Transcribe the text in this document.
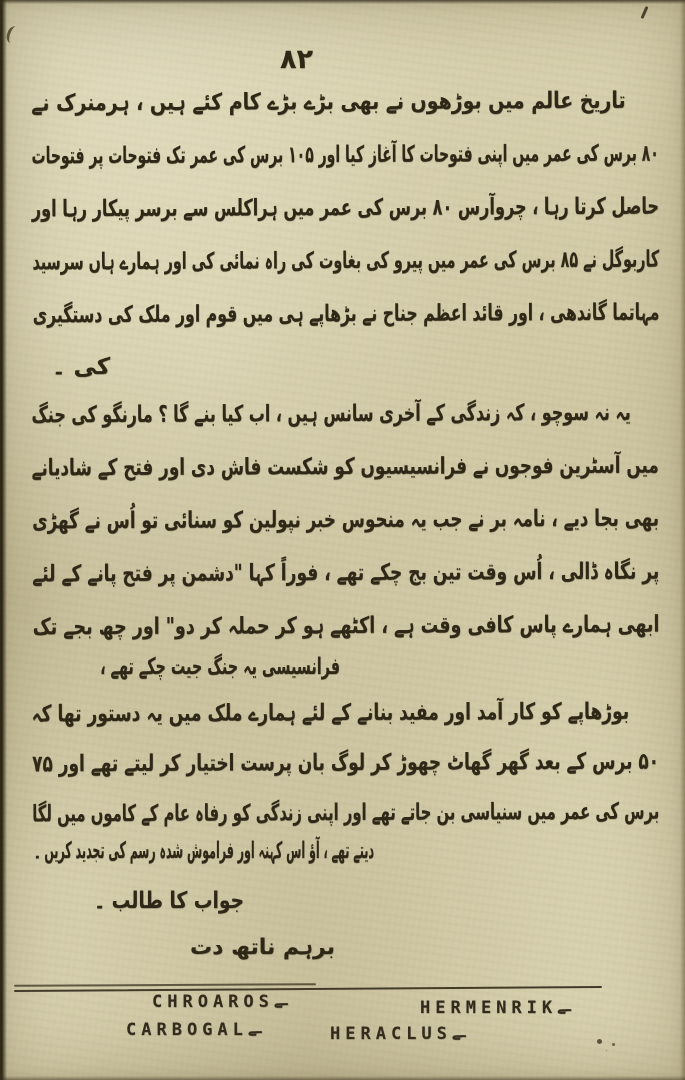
۸۲
تاریخ عالم میں بوڑھوں نے بھی بڑے بڑے کام کئے ہیں ، ہرمنرک نے
۸۰ برس کی عمر میں اپنی فتوحات کا آغاز کیا اور ۱۰۵ برس کی عمر تک فتوحات پر فتوحات
حاصل کرتا رہا ، چروآرس ۸۰ برس کی عمر میں ہراکلس سے برسر پیکار رہا اور
کاربوگل نے ۸۵ برس کی عمر میں پیرو کی بغاوت کی راہ نمائی کی اور ہمارے ہاں سرسید
مہاتما گاندھی ، اور قائد اعظم جناح نے بڑھاپے ہی میں قوم اور ملک کی دستگیری
کی ۔
یہ نہ سوچو ، کہ زندگی کے آخری سانس ہیں ، اب کیا بنے گا ؟ مارنگو کی جنگ
میں آسٹرین فوجوں نے فرانسیسیوں کو شکست فاش دی اور فتح کے شادیانے
بھی بجا دیے ، نامہ بر نے جب یہ منحوس خبر نپولین کو سنائی تو اُس نے گھڑی
پر نگاہ ڈالی ، اُس وقت تین بج چکے تھے ، فوراً کہا "دشمن پر فتح پانے کے لئے
ابھی ہمارے پاس کافی وقت ہے ، اکٹھے ہو کر حملہ کر دو" اور چھ بجے تک
فرانسیسی یہ جنگ جیت چکے تھے ،
بوڑھاپے کو کار آمد اور مفید بنانے کے لئے ہمارے ملک میں یہ دستور تھا کہ
۵۰ برس کے بعد گھر گھاٹ چھوڑ کر لوگ بان پرست اختیار کر لیتے تھے اور ۷۵
برس کی عمر میں سنیاسی بن جاتے تھے اور اپنی زندگی کو رفاہ عام کے کاموں میں لگا
دیتے تھے ، آؤ اس کہنہ اور فراموش شدہ رسم کی تجدید کریں ۔
جواب کا طالب ۔
برہم ناتھ دت
CHROAROSـے	HERMENRIKـے
CARBOGALـے	HERACLUSـے
